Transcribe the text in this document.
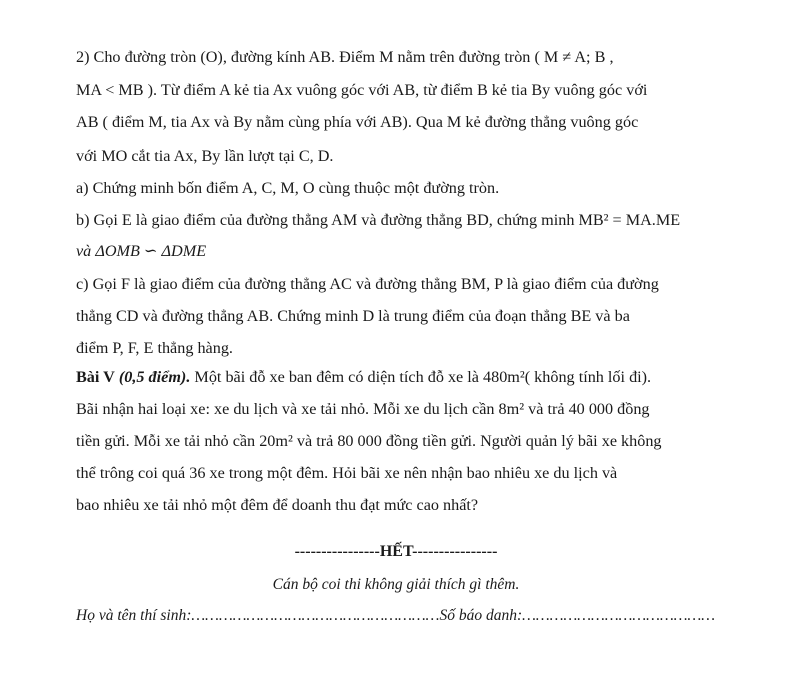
2) Cho đường tròn (O), đường kính AB. Điểm M nằm trên đường tròn ( M ≠ A; B ,
MA < MB ). Từ điểm A kẻ tia Ax vuông góc với AB, từ điểm B kẻ tia By vuông góc với
AB ( điểm M, tia Ax và By nằm cùng phía với AB). Qua M kẻ đường thẳng vuông góc
với MO cắt tia Ax, By lần lượt tại C, D.
a) Chứng minh bốn điểm A, C, M, O cùng thuộc một đường tròn.
b) Gọi E là giao điểm của đường thẳng AM và đường thẳng BD, chứng minh MB² = MA.ME
và ΔOMB ∽ ΔDME
c) Gọi F là giao điểm của đường thẳng AC và đường thẳng BM, P là giao điểm của đường
thẳng CD và đường thẳng AB. Chứng minh D là trung điểm của đoạn thẳng BE và ba
điểm P, F, E thẳng hàng.
Bài V (0,5 điểm). Một bãi đỗ xe ban đêm có diện tích đỗ xe là 480m²( không tính lối đi).
Bãi nhận hai loại xe: xe du lịch và xe tải nhỏ. Mỗi xe du lịch cần 8m² và trả 40 000 đồng
tiền gửi. Mỗi xe tải nhỏ cần 20m² và trả 80 000 đồng tiền gửi. Người quản lý bãi xe không
thể trông coi quá 36 xe trong một đêm. Hỏi bãi xe nên nhận bao nhiêu xe du lịch và
bao nhiêu xe tải nhỏ một đêm để doanh thu đạt mức cao nhất?
----------------HẾT----------------
Cán bộ coi thi không giải thích gì thêm.
Họ và tên thí sinh:………………………………………………Số báo danh:……………………………………
